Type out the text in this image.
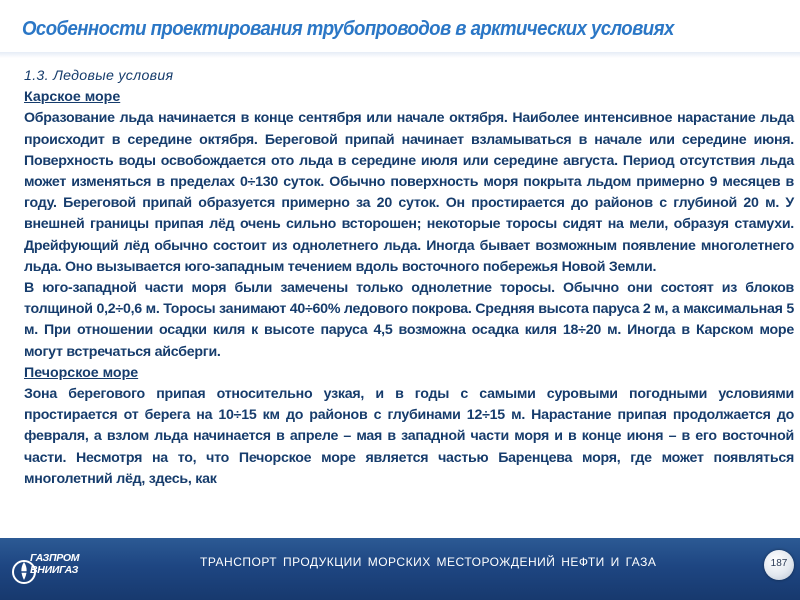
Особенности проектирования трубопроводов в арктических условиях
1.3. Ледовые условия
Карское море

Образование льда начинается в конце сентября или начале октября. Наиболее интенсивное нарастание льда происходит в середине октября. Береговой припай начинает взламываться в начале или середине июня. Поверхность воды освобождается ото льда в середине июля или середине августа. Период отсутствия льда может изменяться в пределах 0÷130 суток. Обычно поверхность моря покрыта льдом примерно 9 месяцев в году. Береговой припай образуется примерно за 20 суток. Он простирается до районов с глубиной 20 м. У внешней границы припая лёд очень сильно всторошен; некоторые торосы сидят на мели, образуя стамухи. Дрейфующий лёд обычно состоит из однолетнего льда. Иногда бывает возможным появление многолетнего льда. Оно вызывается юго-западным течением вдоль восточного побережья Новой Земли.

В юго-западной части моря были замечены только однолетние торосы. Обычно они состоят из блоков толщиной 0,2÷0,6 м. Торосы занимают 40÷60% ледового покрова. Средняя высота паруса 2 м, а максимальная 5 м. При отношении осадки киля к высоте паруса 4,5 возможна осадка киля 18÷20 м. Иногда в Карском море могут встречаться айсберги.

Печорское море

Зона берегового припая относительно узкая, и в годы с самыми суровыми погодными условиями простирается от берега на 10÷15 км до районов с глубинами 12÷15 м. Нарастание припая продолжается до февраля, а взлом льда начинается в апреле – мая в западной части моря и в конце июня – в его восточной части. Несмотря на то, что Печорское море является частью Баренцева моря, где может появляться многолетний лёд, здесь, как

ГАЗПРОМ
ВНИИГАЗ
ТРАНСПОРТ ПРОДУКЦИИ МОРСКИХ МЕСТОРОЖДЕНИЙ НЕФТИ И ГАЗА	187
